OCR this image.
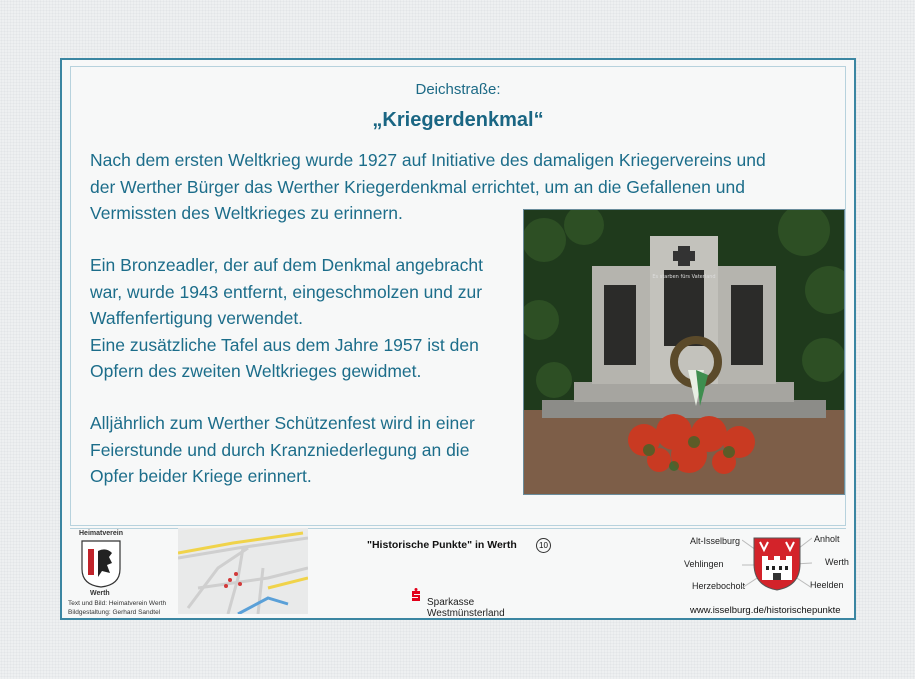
Deichstraße:
„Kriegerdenkmal“
Nach dem ersten Weltkrieg wurde 1927 auf Initiative des damaligen Kriegervereins und
der Werther Bürger das Werther Kriegerdenkmal errichtet, um an die Gefallenen und
Vermissten des Weltkrieges zu erinnern.
Ein Bronzeadler, der auf dem Denkmal angebracht
war, wurde 1943 entfernt, eingeschmolzen und zur
Waffenfertigung verwendet.
Eine zusätzliche Tafel aus dem Jahre 1957 ist den
Opfern des zweiten Weltkrieges gewidmet.
Alljährlich zum Werther Schützenfest wird in einer
Feierstunde und durch Kranzniederlegung an die
Opfer beider Kriege erinnert.
Es starben fürs Vaterland
Heimatverein
Werth
Text und Bild: Heimatverein Werth
Bildgestaltung: Gerhard Sandtel
"Historische Punkte" in Werth	10
Sparkasse
Westmünsterland
Alt-Isselburg	Anholt
Vehlingen	Werth
Herzebocholt	Heelden
www.isselburg.de/historischepunkte
